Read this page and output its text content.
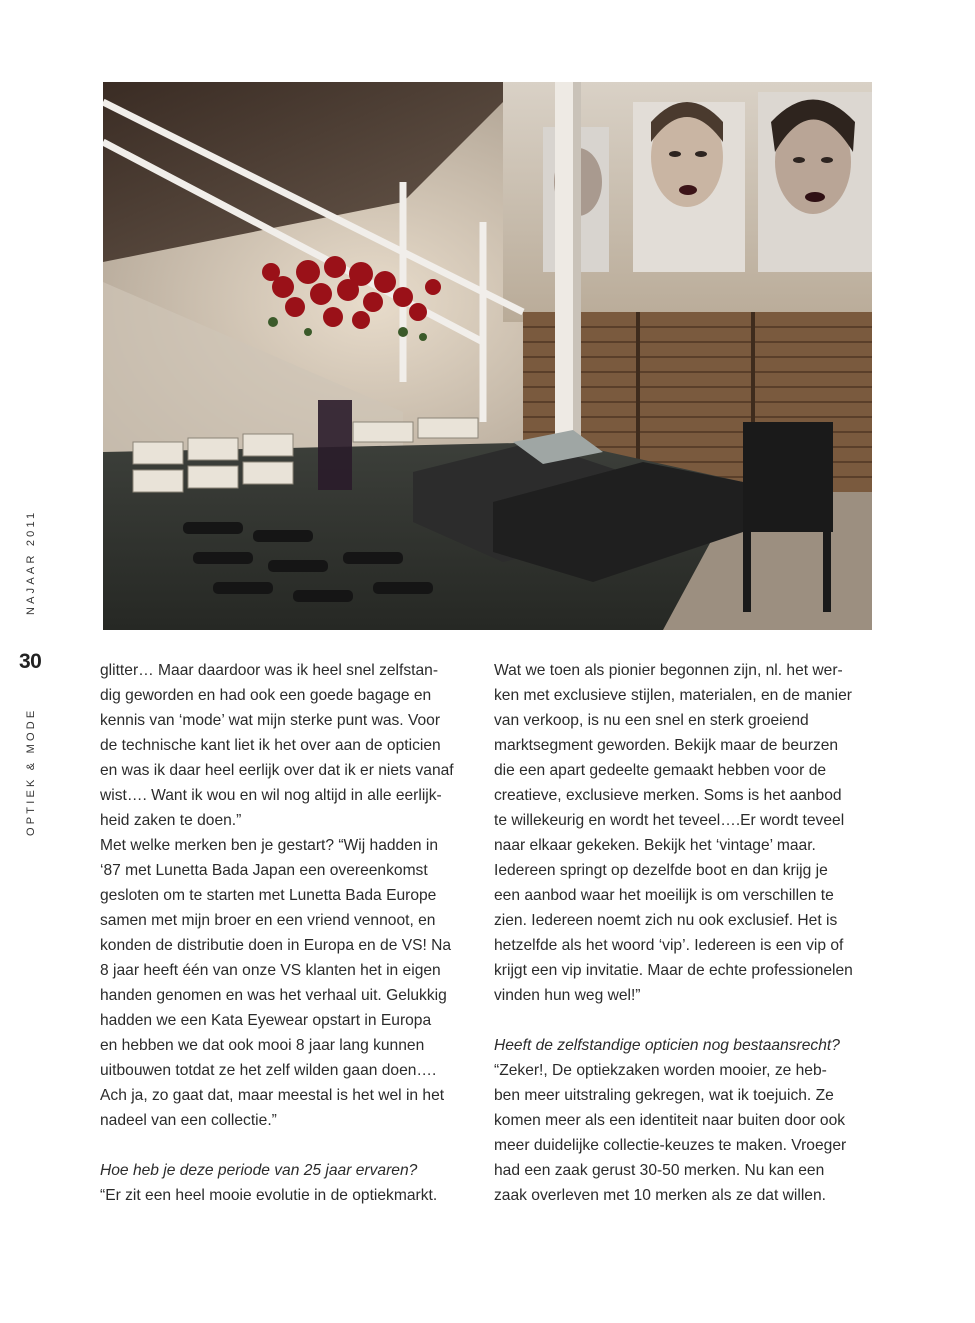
NAJAAR 2011
30
OPTIEK & MODE
glitter… Maar daardoor was ik heel snel zelfstan-
dig geworden en had ook een goede bagage en
kennis van ‘mode’ wat mijn sterke punt was. Voor
de technische kant liet ik het over aan de opticien
en was ik daar heel eerlijk over dat ik er niets vanaf
wist…. Want ik wou en wil nog altijd in alle eerlijk-
heid zaken te doen.”
Met welke merken ben je gestart? “Wij hadden in
‘87 met Lunetta Bada Japan een overeenkomst
gesloten om te starten met Lunetta Bada Europe
samen met mijn broer en een vriend vennoot, en
konden de distributie doen in Europa en de VS! Na
8 jaar heeft één van onze VS klanten het in eigen
handen genomen en was het verhaal uit. Gelukkig
hadden we een Kata Eyewear opstart in Europa
en hebben we dat ook mooi 8 jaar lang kunnen
uitbouwen totdat ze het zelf wilden gaan doen….
Ach ja, zo gaat dat, maar meestal is het wel in het
nadeel van een collectie.”
Hoe heb je deze periode van 25 jaar ervaren?
“Er zit een heel mooie evolutie in de optiekmarkt.
Wat we toen als pionier begonnen zijn, nl. het wer-
ken met exclusieve stijlen, materialen, en de manier
van verkoop, is nu een snel en sterk groeiend
marktsegment geworden. Bekijk maar de beurzen
die een apart gedeelte gemaakt hebben voor de
creatieve, exclusieve merken. Soms is het aanbod
te willekeurig en wordt het teveel….Er wordt teveel
naar elkaar gekeken. Bekijk het ‘vintage’ maar.
Iedereen springt op dezelfde boot en dan krijg je
een aanbod waar het moeilijk is om verschillen te
zien. Iedereen noemt zich nu ook exclusief. Het is
hetzelfde als het woord ‘vip’. Iedereen is een vip of
krijgt een vip invitatie. Maar de echte professionelen
vinden hun weg wel!”
Heeft de zelfstandige opticien nog bestaansrecht?
“Zeker!, De optiekzaken worden mooier, ze heb-
ben meer uitstraling gekregen, wat ik toejuich. Ze
komen meer als een identiteit naar buiten door ook
meer duidelijke collectie-keuzes te maken. Vroeger
had een zaak gerust 30-50 merken. Nu kan een
zaak overleven met 10 merken als ze dat willen.
